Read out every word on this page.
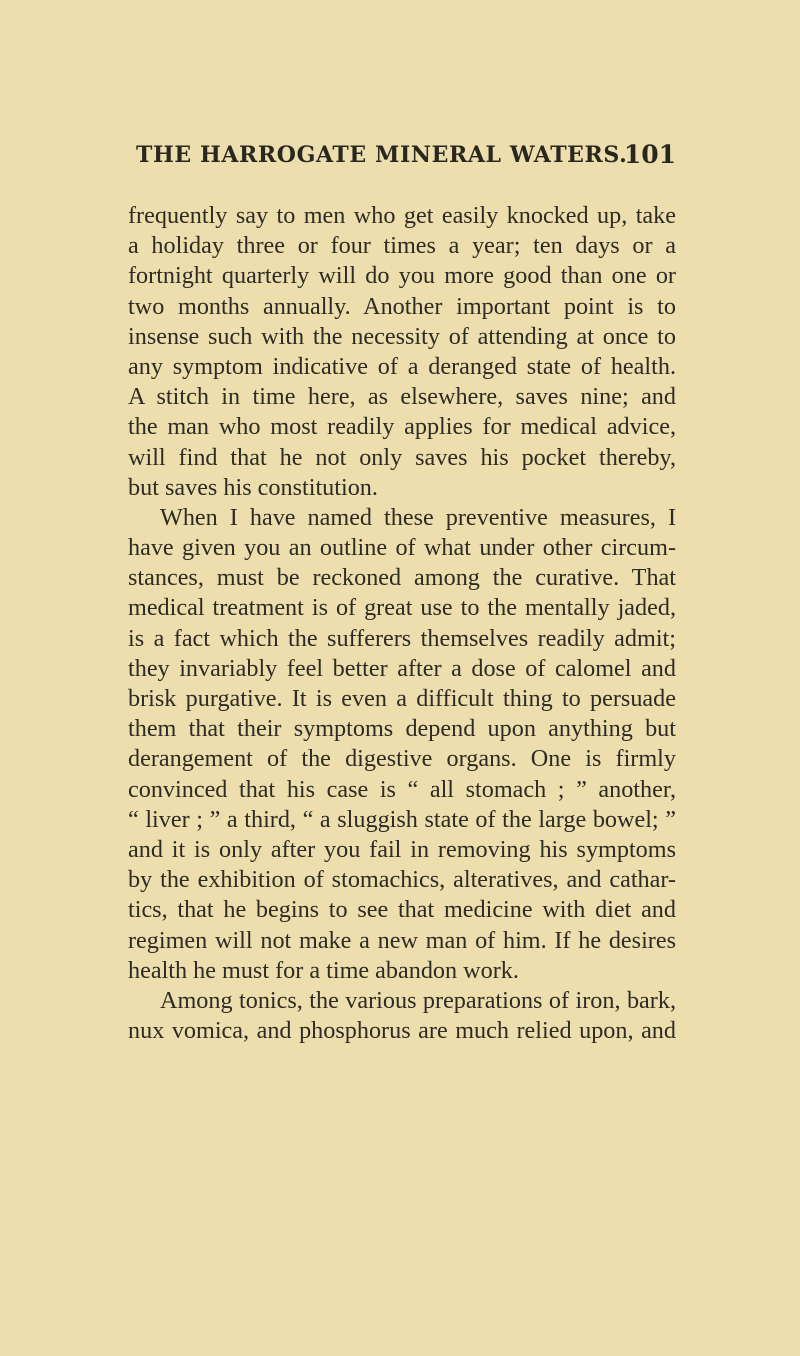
THE HARROGATE MINERAL WATERS.
101
frequently say to men who get easily knocked up, take
a holiday three or four times a year; ten days or a
fortnight quarterly will do you more good than one or
two months annually. Another important point is to
insense such with the necessity of attending at once to
any symptom indicative of a deranged state of health.
A stitch in time here, as elsewhere, saves nine; and
the man who most readily applies for medical advice,
will find that he not only saves his pocket thereby,
but saves his constitution.
When I have named these preventive measures, I
have given you an outline of what under other circum-
stances, must be reckoned among the curative. That
medical treatment is of great use to the mentally jaded,
is a fact which the sufferers themselves readily admit;
they invariably feel better after a dose of calomel and
brisk purgative. It is even a difficult thing to persuade
them that their symptoms depend upon anything but
derangement of the digestive organs. One is firmly
convinced that his case is “ all stomach ; ” another,
“ liver ; ” a third, “ a sluggish state of the large bowel; ”
and it is only after you fail in removing his symptoms
by the exhibition of stomachics, alteratives, and cathar-
tics, that he begins to see that medicine with diet and
regimen will not make a new man of him. If he desires
health he must for a time abandon work.
Among tonics, the various preparations of iron, bark,
nux vomica, and phosphorus are much relied upon, and
